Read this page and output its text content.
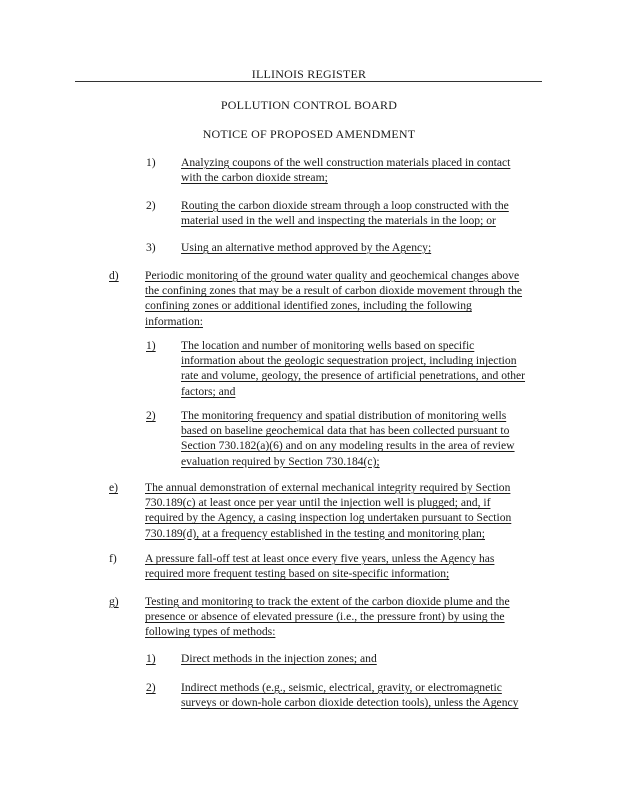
ILLINOIS REGISTER
POLLUTION CONTROL BOARD
NOTICE OF PROPOSED AMENDMENT
1) Analyzing coupons of the well construction materials placed in contact
with the carbon dioxide stream;
2) Routing the carbon dioxide stream through a loop constructed with the
material used in the well and inspecting the materials in the loop; or
3) Using an alternative method approved by the Agency;
d) Periodic monitoring of the ground water quality and geochemical changes above
the confining zones that may be a result of carbon dioxide movement through the
confining zones or additional identified zones, including the following
information:
1) The location and number of monitoring wells based on specific
information about the geologic sequestration project, including injection
rate and volume, geology, the presence of artificial penetrations, and other
factors; and
2) The monitoring frequency and spatial distribution of monitoring wells
based on baseline geochemical data that has been collected pursuant to
Section 730.182(a)(6) and on any modeling results in the area of review
evaluation required by Section 730.184(c);
e) The annual demonstration of external mechanical integrity required by Section
730.189(c) at least once per year until the injection well is plugged; and, if
required by the Agency, a casing inspection log undertaken pursuant to Section
730.189(d), at a frequency established in the testing and monitoring plan;
f) A pressure fall-off test at least once every five years, unless the Agency has
required more frequent testing based on site-specific information;
g) Testing and monitoring to track the extent of the carbon dioxide plume and the
presence or absence of elevated pressure (i.e., the pressure front) by using the
following types of methods:
1) Direct methods in the injection zones; and
2) Indirect methods (e.g., seismic, electrical, gravity, or electromagnetic
surveys or down-hole carbon dioxide detection tools), unless the Agency
